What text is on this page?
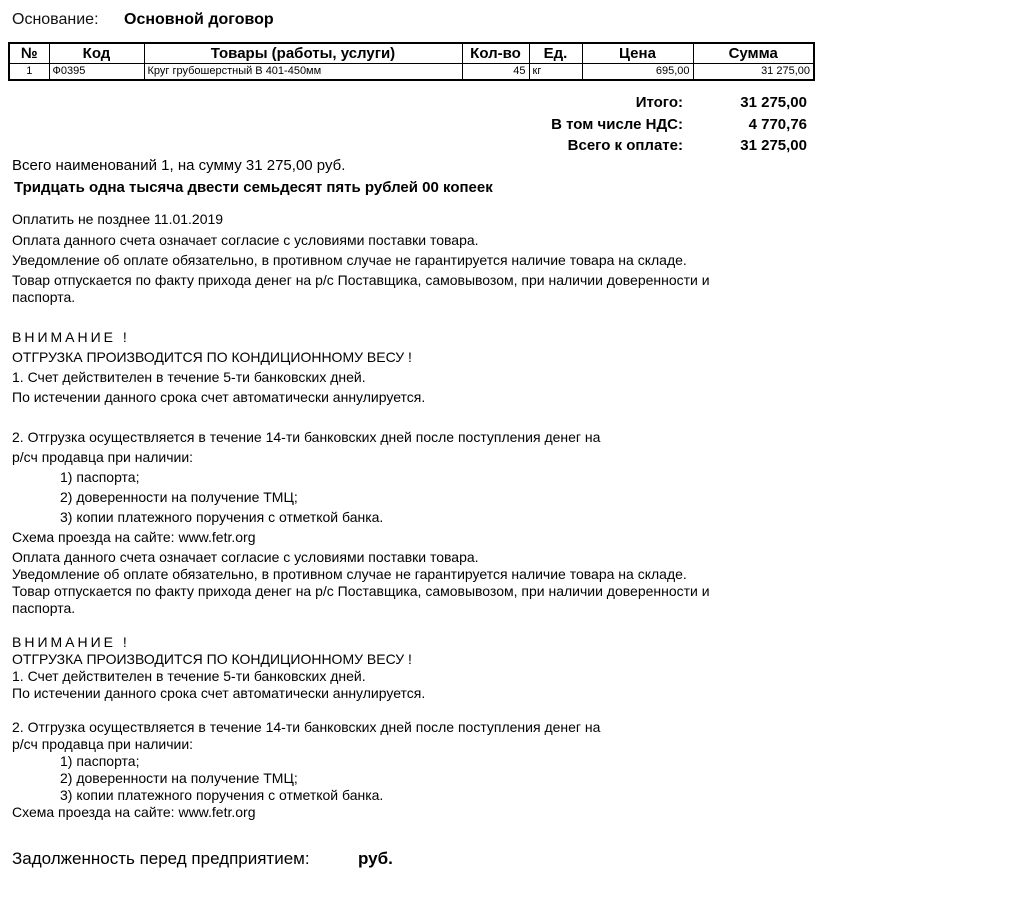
Основание: Основной договор
№	Код	Товары (работы, услуги)	Кол-во	Ед.	Цена	Сумма
1	Ф0395	Круг грубошерстный В 401-450мм	45	кг	695,00	31 275,00
Итого:	31 275,00
В том числе НДС:	4 770,76
Всего к оплате:	31 275,00
Всего наименований 1, на сумму 31 275,00 руб.
Тридцать одна тысяча двести семьдесят пять рублей 00 копеек
Оплатить не позднее 11.01.2019
Оплата данного счета означает согласие с условиями поставки товара.
Уведомление об оплате обязательно, в противном случае не гарантируется наличие товара на складе.
Товар отпускается по факту прихода денег на р/с Поставщика, самовывозом, при наличии доверенности и
паспорта.
ВНИМАНИЕ !
ОТГРУЗКА ПРОИЗВОДИТСЯ ПО КОНДИЦИОННОМУ ВЕСУ !
1. Счет действителен в течение 5-ти банковских дней.
По истечении данного срока счет автоматически аннулируется.
2. Отгрузка осуществляется в течение 14-ти банковских дней после поступления денег на
р/сч продавца при наличии:
1) паспорта;
2) доверенности на получение ТМЦ;
3) копии платежного поручения с отметкой банка.
Схема проезда на сайте: www.fetr.org
Оплата данного счета означает согласие с условиями поставки товара.
Уведомление об оплате обязательно, в противном случае не гарантируется наличие товара на складе.
Товар отпускается по факту прихода денег на р/с Поставщика, самовывозом, при наличии доверенности и
паспорта.
ВНИМАНИЕ !
ОТГРУЗКА ПРОИЗВОДИТСЯ ПО КОНДИЦИОННОМУ ВЕСУ !
1. Счет действителен в течение 5-ти банковских дней.
По истечении данного срока счет автоматически аннулируется.
2. Отгрузка осуществляется в течение 14-ти банковских дней после поступления денег на
р/сч продавца при наличии:
1) паспорта;
2) доверенности на получение ТМЦ;
3) копии платежного поручения с отметкой банка.
Схема проезда на сайте: www.fetr.org
Задолженность перед предприятием:	руб.
